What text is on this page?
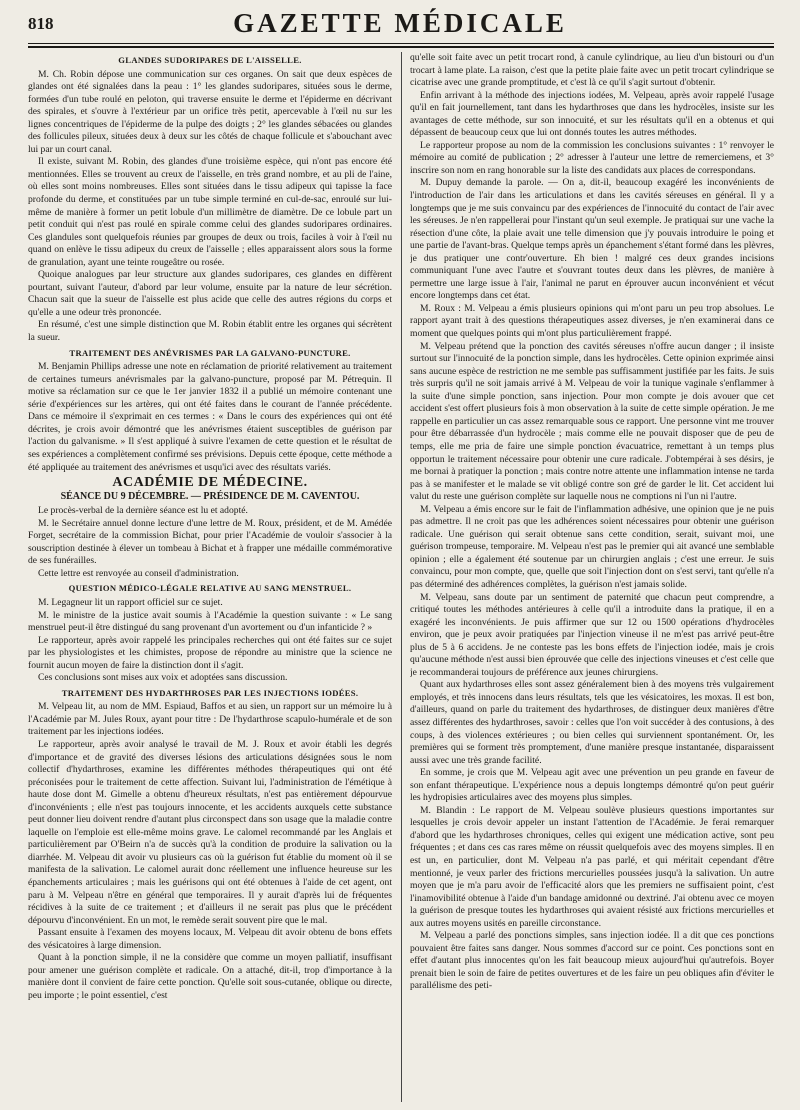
818	GAZETTE MÉDICALE
GLANDES SUDORIPARES DE L'AISSELLE.

M. Ch. Robin dépose une communication sur ces organes. On sait que deux espèces de glandes ont été signalées dans la peau : 1° les glandes sudoripares, situées sous le derme, formées d'un tube roulé en peloton, qui traverse ensuite le derme et l'épiderme en décrivant des spirales, et s'ouvre à l'extérieur par un orifice très petit, apercevable à l'œil nu sur les lignes concentriques de l'épiderme de la pulpe des doigts ; 2° les glandes sébacées ou glandes des follicules pileux, situées deux à deux sur les côtés de chaque follicule et s'abouchant avec lui par un court canal.

Il existe, suivant M. Robin, des glandes d'une troisième espèce, qui n'ont pas encore été mentionnées. Elles se trouvent au creux de l'aisselle, en très grand nombre, et au pli de l'aine, où elles sont moins nombreuses. Elles sont situées dans le tissu adipeux qui tapisse la face profonde du derme, et constituées par un tube simple terminé en cul-de-sac, enroulé sur lui-même de manière à former un petit lobule d'un millimètre de diamètre. De ce lobule part un petit conduit qui n'est pas roulé en spirale comme celui des glandes sudoripares ordinaires. Ces glandules sont quelquefois réunies par groupes de deux ou trois, faciles à voir à l'œil nu quand on enlève le tissu adipeux du creux de l'aisselle ; elles apparaissent alors sous la forme de granulation, ayant une teinte rougeâtre ou rosée.

Quoique analogues par leur structure aux glandes sudoripares, ces glandes en diffèrent pourtant, suivant l'auteur, d'abord par leur volume, ensuite par la nature de leur sécrétion. Chacun sait que la sueur de l'aisselle est plus acide que celle des autres régions du corps et qu'elle a une odeur très prononcée.

En résumé, c'est une simple distinction que M. Robin établit entre les organes qui sécrètent la sueur.

TRAITEMENT DES ANÉVRISMES PAR LA GALVANO-PUNCTURE.

M. Benjamin Phillips adresse une note en réclamation de priorité relativement au traitement de certaines tumeurs anévrismales par la galvano-puncture, proposé par M. Pétrequin. Il motive sa réclamation sur ce que le 1er janvier 1832 il a publié un mémoire contenant une série d'expériences sur les artères, qui ont été faites dans le courant de l'année précédente. Dans ce mémoire il s'exprimait en ces termes : « Dans le cours des expériences qui ont été décrites, je crois avoir démontré que les anévrismes étaient susceptibles de guérison par l'action du galvanisme. » Il s'est appliqué à suivre l'examen de cette question et le résultat de ses expériences a complètement confirmé ses prévisions. Depuis cette époque, cette méthode a été appliquée au traitement des anévrismes et usqu'ici avec des résultats variés.

ACADÉMIE DE MÉDECINE.
SÉANCE DU 9 DÉCEMBRE. — PRÉSIDENCE DE M. CAVENTOU.

Le procès-verbal de la dernière séance est lu et adopté.

M. le Secrétaire annuel donne lecture d'une lettre de M. Roux, président, et de M. Amédée Forget, secrétaire de la commission Bichat, pour prier l'Académie de vouloir s'associer à la souscription destinée à élever un tombeau à Bichat et à frapper une médaille commémorative de ses funérailles.

Cette lettre est renvoyée au conseil d'administration.

QUESTION MÉDICO-LÉGALE RELATIVE AU SANG MENSTRUEL.

M. Legagneur lit un rapport officiel sur ce sujet.

M. le ministre de la justice avait soumis à l'Académie la question suivante : « Le sang menstruel peut-il être distingué du sang provenant d'un avortement ou d'un infanticide ? »

Le rapporteur, après avoir rappelé les principales recherches qui ont été faites sur ce sujet par les physiologistes et les chimistes, propose de répondre au ministre que la science ne fournit aucun moyen de faire la distinction dont il s'agit.

Ces conclusions sont mises aux voix et adoptées sans discussion.

TRAITEMENT DES HYDARTHROSES PAR LES INJECTIONS IODÉES.

M. Velpeau lit, au nom de MM. Espiaud, Baffos et au sien, un rapport sur un mémoire lu à l'Académie par M. Jules Roux, ayant pour titre : De l'hydarthrose scapulo-humérale et de son traitement par les injections iodées.

Le rapporteur, après avoir analysé le travail de M. J. Roux et avoir établi les degrés d'importance et de gravité des diverses lésions des articulations désignées sous le nom collectif d'hydarthroses, examine les différentes méthodes thérapeutiques qui ont été préconisées pour le traitement de cette affection. Suivant lui, l'administration de l'émétique à haute dose dont M. Gimelle a obtenu d'heureux résultats, n'est pas entièrement dépourvue d'inconvénients ; elle n'est pas toujours innocente, et les accidents auxquels cette substance peut donner lieu doivent rendre d'autant plus circonspect dans son usage que la maladie contre laquelle on l'emploie est elle-même moins grave. Le calomel recommandé par les Anglais et particulièrement par O'Beirn n'a de succès qu'à la condition de produire la salivation ou la diarrhée. M. Velpeau dit avoir vu plusieurs cas où la guérison fut établie du moment où il se manifesta de la salivation. Le calomel aurait donc réellement une influence heureuse sur les épanchements articulaires ; mais les guérisons qui ont été obtenues à l'aide de cet agent, ont paru à M. Velpeau n'être en général que temporaires. Il y aurait d'après lui de fréquentes récidives à la suite de ce traitement ; et d'ailleurs il ne serait pas plus que le précédent dépourvu d'inconvénient. En un mot, le remède serait souvent pire que le mal.

Passant ensuite à l'examen des moyens locaux, M. Velpeau dit avoir obtenu de bons effets des vésicatoires à large dimension.

Quant à la ponction simple, il ne la considère que comme un moyen palliatif, insuffisant pour amener une guérison complète et radicale. On a attaché, dit-il, trop d'importance à la manière dont il convient de faire cette ponction. Qu'elle soit sous-cutanée, oblique ou directe, peu importe ; le point essentiel, c'est

qu'elle soit faite avec un petit trocart rond, à canule cylindrique, au lieu d'un bistouri ou d'un trocart à lame plate. La raison, c'est que la petite plaie faite avec un petit trocart cylindrique se cicatrise avec une grande promptitude, et c'est là ce qu'il s'agit surtout d'obtenir.

Enfin arrivant à la méthode des injections iodées, M. Velpeau, après avoir rappelé l'usage qu'il en fait journellement, tant dans les hydarthroses que dans les hydrocèles, insiste sur les avantages de cette méthode, sur son innocuité, et sur les résultats qu'il en a obtenus et qui dépassent de beaucoup ceux que lui ont donnés toutes les autres méthodes.

Le rapporteur propose au nom de la commission les conclusions suivantes : 1° renvoyer le mémoire au comité de publication ; 2° adresser à l'auteur une lettre de remerciemens, et 3° inscrire son nom en rang honorable sur la liste des candidats aux places de correspondans.

M. Dupuy demande la parole. — On a, dit-il, beaucoup exagéré les inconvénients de l'introduction de l'air dans les articulations et dans les cavités séreuses en général. Il y a longtemps que je me suis convaincu par des expériences de l'innocuité du contact de l'air avec les séreuses. Je n'en rappellerai pour l'instant qu'un seul exemple. Je pratiquai sur une vache la résection d'une côte, la plaie avait une telle dimension que j'y pouvais introduire le poing et une partie de l'avant-bras. Quelque temps après un épanchement s'étant formé dans les plèvres, je dus pratiquer une contr'ouverture. Eh bien ! malgré ces deux grandes incisions communiquant l'une avec l'autre et s'ouvrant toutes deux dans les plèvres, de manière à permettre une large issue à l'air, l'animal ne parut en éprouver aucun inconvénient et vécut encore longtemps dans cet état.

M. Roux : M. Velpeau a émis plusieurs opinions qui m'ont paru un peu trop absolues. Le rapport ayant trait à des questions thérapeutiques assez diverses, je n'en examinerai dans ce moment que quelques points qui m'ont plus particulièrement frappé.

M. Velpeau prétend que la ponction des cavités séreuses n'offre aucun danger ; il insiste surtout sur l'innocuité de la ponction simple, dans les hydrocèles. Cette opinion exprimée ainsi sans aucune espèce de restriction ne me semble pas suffisamment justifiée par les faits. Je suis très surpris qu'il ne soit jamais arrivé à M. Velpeau de voir la tunique vaginale s'enflammer à la suite d'une simple ponction, sans injection. Pour mon compte je dois avouer que cet accident s'est offert plusieurs fois à mon observation à la suite de cette simple opération. Je me rappelle en particulier un cas assez remarquable sous ce rapport. Une personne vint me trouver pour être débarrassée d'un hydrocèle ; mais comme elle ne pouvait disposer que de peu de temps, elle me pria de faire une simple ponction évacuatrice, remettant à un temps plus opportun le traitement nécessaire pour obtenir une cure radicale. J'obtempérai à ses désirs, je me bornai à pratiquer la ponction ; mais contre notre attente une inflammation intense ne tarda pas à se manifester et le malade se vit obligé contre son gré de garder le lit. Cet accident lui valut du reste une guérison complète sur laquelle nous ne comptions ni l'un ni l'autre.

M. Velpeau a émis encore sur le fait de l'inflammation adhésive, une opinion que je ne puis pas admettre. Il ne croit pas que les adhérences soient nécessaires pour obtenir une guérison radicale. Une guérison qui serait obtenue sans cette condition, serait, suivant moi, une guérison trompeuse, temporaire. M. Velpeau n'est pas le premier qui ait avancé une semblable opinion ; elle a également été soutenue par un chirurgien anglais ; c'est une erreur. Je suis convaincu, pour mon compte, que, quelle que soit l'injection dont on s'est servi, tant qu'elle n'a pas déterminé des adhérences complètes, la guérison n'est jamais solide.

M. Velpeau, sans doute par un sentiment de paternité que chacun peut comprendre, a critiqué toutes les méthodes antérieures à celle qu'il a introduite dans la pratique, il en a exagéré les inconvénients. Je puis affirmer que sur 12 ou 1500 opérations d'hydrocèles environ, que je peux avoir pratiquées par l'injection vineuse il ne m'est pas arrivé peut-être plus de 5 à 6 accidens. Je ne conteste pas les bons effets de l'injection iodée, mais je crois qu'aucune méthode n'est aussi bien éprouvée que celle des injections vineuses et c'est celle que je recommanderai toujours de préférence aux jeunes chirurgiens.

Quant aux hydarthroses elles sont assez généralement bien à des moyens très vulgairement employés, et très innocens dans leurs résultats, tels que les vésicatoires, les moxas. Il est bon, d'ailleurs, quand on parle du traitement des hydarthroses, de distinguer deux manières d'être assez différentes des hydarthroses, savoir : celles que l'on voit succéder à des contusions, à des coups, à des violences extérieures ; ou bien celles qui surviennent spontanément. Or, les premières qui se forment très promptement, d'une manière presque instantanée, disparaissent aussi avec une très grande facilité.

En somme, je crois que M. Velpeau agit avec une prévention un peu grande en faveur de son enfant thérapeutique. L'expérience nous a depuis longtemps démontré qu'on peut guérir les hydropisies articulaires avec des moyens plus simples.

M. Blandin : Le rapport de M. Velpeau soulève plusieurs questions importantes sur lesquelles je crois devoir appeler un instant l'attention de l'Académie. Je ferai remarquer d'abord que les hydarthroses chroniques, celles qui exigent une médication active, sont peu fréquentes ; et dans ces cas rares même on réussit quelquefois avec des moyens simples. Il en est un, en particulier, dont M. Velpeau n'a pas parlé, et qui méritait cependant d'être mentionné, je veux parler des frictions mercurielles poussées jusqu'à la salivation. Un autre moyen que je m'a paru avoir de l'efficacité alors que les premiers ne suffisaient point, c'est l'inamovibilité obtenue à l'aide d'un bandage amidonné ou dextriné. J'ai obtenu avec ce moyen la guérison de presque toutes les hydarthroses qui avaient résisté aux frictions mercurielles et aux autres moyens usités en pareille circonstance.

M. Velpeau a parlé des ponctions simples, sans injection iodée. Il a dit que ces ponctions pouvaient être faites sans danger. Nous sommes d'accord sur ce point. Ces ponctions sont en effet d'autant plus innocentes qu'on les fait beaucoup mieux aujourd'hui qu'autrefois. Boyer prenait bien le soin de faire de petites ouvertures et de les faire un peu obliques afin d'éviter le parallélisme des peti-
